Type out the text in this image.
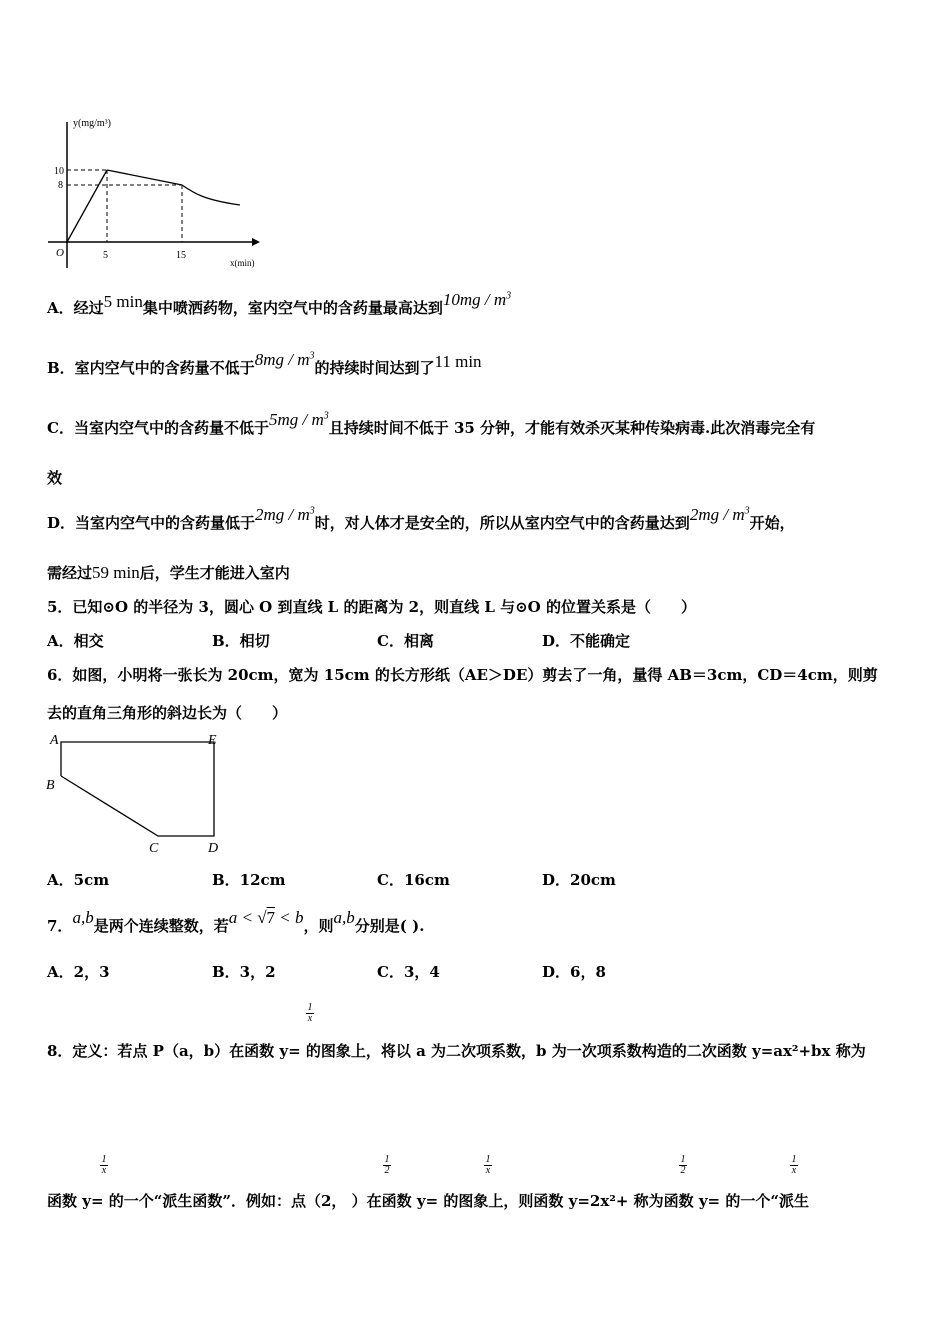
y(mg/m³)
10
8
5	15
O
x(min)
A．经过5 min集中喷洒药物，室内空气中的含药量最高达到$10mg / m^3$
B．室内空气中的含药量不低于$8mg / m^3$的持续时间达到了11 min
C．当室内空气中的含药量不低于$5mg / m^3$且持续时间不低于 35 分钟，才能有效杀灭某种传染病毒.此次消毒完全有
效
D．当室内空气中的含药量低于$2mg / m^3$时，对人体才是安全的，所以从室内空气中的含药量达到$2mg / m^3$开始，
需经过59 min后，学生才能进入室内
5．已知⊙O 的半径为 3，圆心 O 到直线 L 的距离为 2，则直线 L 与⊙O 的位置关系是（　　）
A．相交	B．相切	C．相离	D．不能确定
6．如图，小明将一张长为 20cm，宽为 15cm 的长方形纸（AE＞DE）剪去了一角，量得 AB＝3cm，CD＝4cm，则剪
去的直角三角形的斜边长为（　　）
A	E
B
C	D
A．5cm	B．12cm	C．16cm	D．20cm
7．a,b是两个连续整数，若a < √7 < b，则a,b分别是( ).
A．2，3	B．3，2	C．3，4	D．6，8
$\frac{1}{x}$
8．定义：若点 P（a，b）在函数 y= 的图象上，将以 a 为二次项系数，b 为一次项系数构造的二次函数 y=ax²+bx 称为
$\frac{1}{x}$	$\frac{1}{2}$	$\frac{1}{x}$	$\frac{1}{2}$	$\frac{1}{x}$
函数 y= 的一个“派生函数”．例如：点（2， ）在函数 y= 的图象上，则函数 y=2x²+ 称为函数 y= 的一个“派生
